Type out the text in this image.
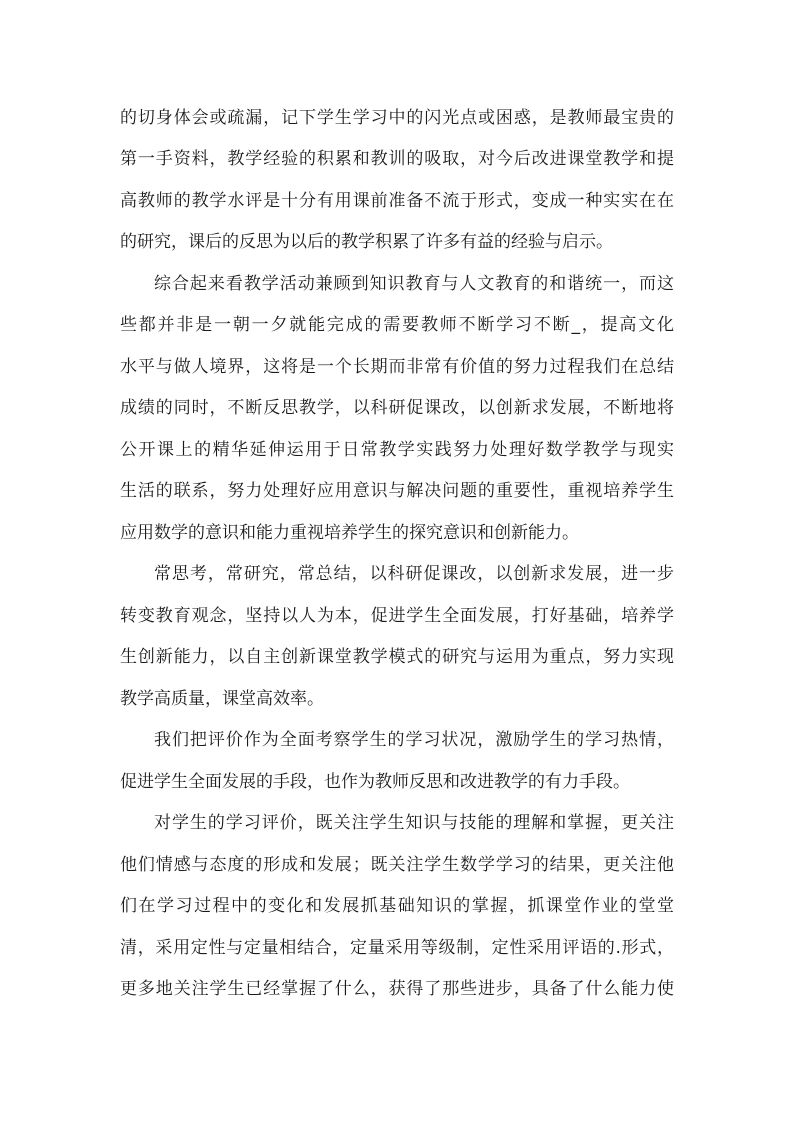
的切身体会或疏漏，记下学生学习中的闪光点或困惑，是教师最宝贵的
第一手资料，教学经验的积累和教训的吸取，对今后改进课堂教学和提
高教师的教学水评是十分有用课前准备不流于形式，变成一种实实在在
的研究，课后的反思为以后的教学积累了许多有益的经验与启示。
综合起来看教学活动兼顾到知识教育与人文教育的和谐统一，而这
些都并非是一朝一夕就能完成的需要教师不断学习不断_，提高文化
水平与做人境界，这将是一个长期而非常有价值的努力过程我们在总结
成绩的同时，不断反思教学，以科研促课改，以创新求发展，不断地将
公开课上的精华延伸运用于日常教学实践努力处理好数学教学与现实
生活的联系，努力处理好应用意识与解决问题的重要性，重视培养学生
应用数学的意识和能力重视培养学生的探究意识和创新能力。
常思考，常研究，常总结，以科研促课改，以创新求发展，进一步
转变教育观念，坚持以人为本，促进学生全面发展，打好基础，培养学
生创新能力，以自主创新课堂教学模式的研究与运用为重点，努力实现
教学高质量，课堂高效率。
我们把评价作为全面考察学生的学习状况，激励学生的学习热情，
促进学生全面发展的手段，也作为教师反思和改进教学的有力手段。
对学生的学习评价，既关注学生知识与技能的理解和掌握，更关注
他们情感与态度的形成和发展；既关注学生数学学习的结果，更关注他
们在学习过程中的变化和发展抓基础知识的掌握，抓课堂作业的堂堂
清，采用定性与定量相结合，定量采用等级制，定性采用评语的.形式，
更多地关注学生已经掌握了什么，获得了那些进步，具备了什么能力使
